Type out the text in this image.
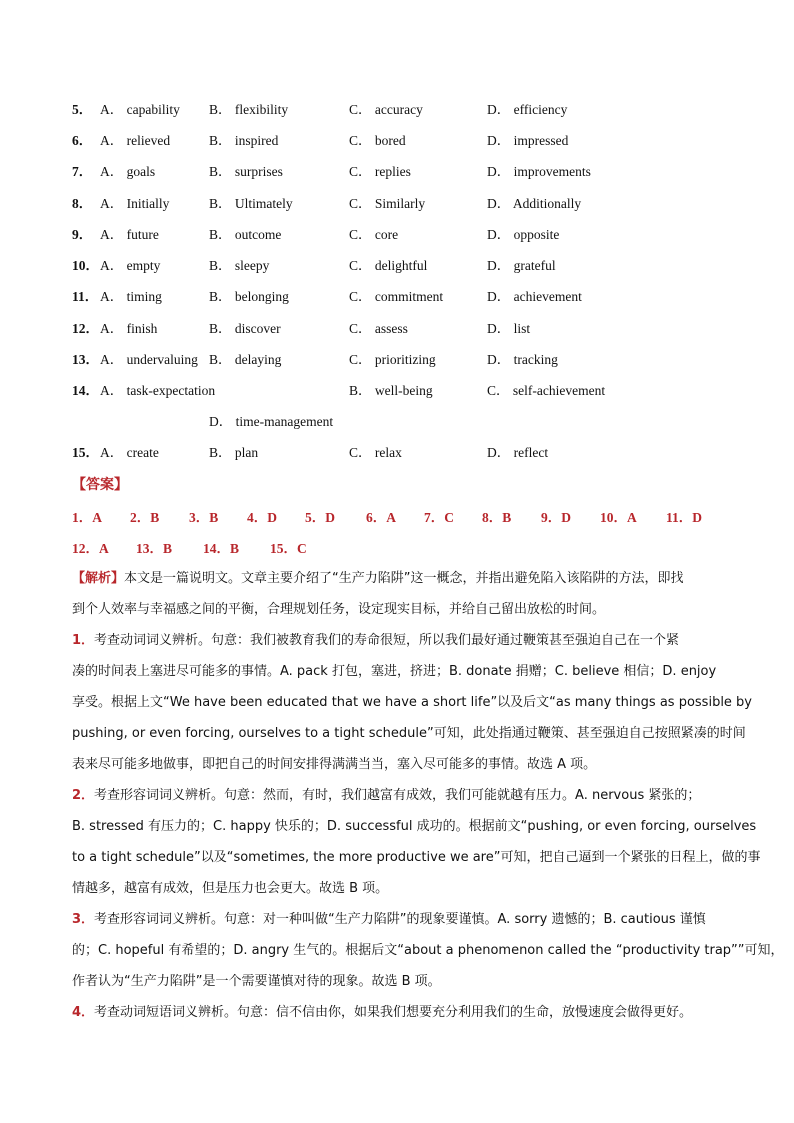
5． A． capability B． flexibility	C． accuracy	D． efficiency
6． A． relieved	B． inspired	C． bored	D． impressed
7． A． goals	B． surprises	C． replies	D． improvements
8． A． Initially	B． Ultimately	C． Similarly	D． Additionally
9． A． future	B． outcome	C． core	D． opposite
10． A． empty	B． sleepy	C． delightful	D． grateful
11． A． timing	B． belonging	C． commitment	D． achievement
12． A． finish	B． discover	C． assess	D． list
13． A． undervaluing B． delaying	C． prioritizing	D． tracking
14． A． task-expectation	B． well-being	C． self-achievement
D． time-management
15． A． create	B． plan	C． relax	D． reflect
【答案】
1．A 2．B 3．B 4．D 5．D 6．A 7．C 8．B 9．D 10．A 11．D
12．A 13．B 14．B 15．C
【解析】本文是一篇说明文。文章主要介绍了“生产力陷阱”这一概念，并指出避免陷入该陷阱的方法，即找
到个人效率与幸福感之间的平衡，合理规划任务，设定现实目标，并给自己留出放松的时间。
1．考查动词词义辨析。句意：我们被教育我们的寿命很短，所以我们最好通过鞭策甚至强迫自己在一个紧
凑的时间表上塞进尽可能多的事情。A. pack 打包，塞进，挤进；B. donate 捐赠；C. believe 相信；D. enjoy
享受。根据上文“We have been educated that we have a short life”以及后文“as many things as possible by
pushing, or even forcing, ourselves to a tight schedule”可知，此处指通过鞭策、甚至强迫自己按照紧凑的时间
表来尽可能多地做事，即把自己的时间安排得满满当当，塞入尽可能多的事情。故选 A 项。
2．考查形容词词义辨析。句意：然而，有时，我们越富有成效，我们可能就越有压力。A. nervous 紧张的；
B. stressed 有压力的；C. happy 快乐的；D. successful 成功的。根据前文“pushing, or even forcing, ourselves
to a tight schedule”以及“sometimes, the more productive we are”可知，把自己逼到一个紧张的日程上，做的事
情越多，越富有成效，但是压力也会更大。故选 B 项。
3．考查形容词词义辨析。句意：对一种叫做“生产力陷阱”的现象要谨慎。A. sorry 遗憾的；B. cautious 谨慎
的；C. hopeful 有希望的；D. angry 生气的。根据后文“about a phenomenon called the “productivity trap””可知，
作者认为“生产力陷阱”是一个需要谨慎对待的现象。故选 B 项。
4．考查动词短语词义辨析。句意：信不信由你，如果我们想要充分利用我们的生命，放慢速度会做得更好。
